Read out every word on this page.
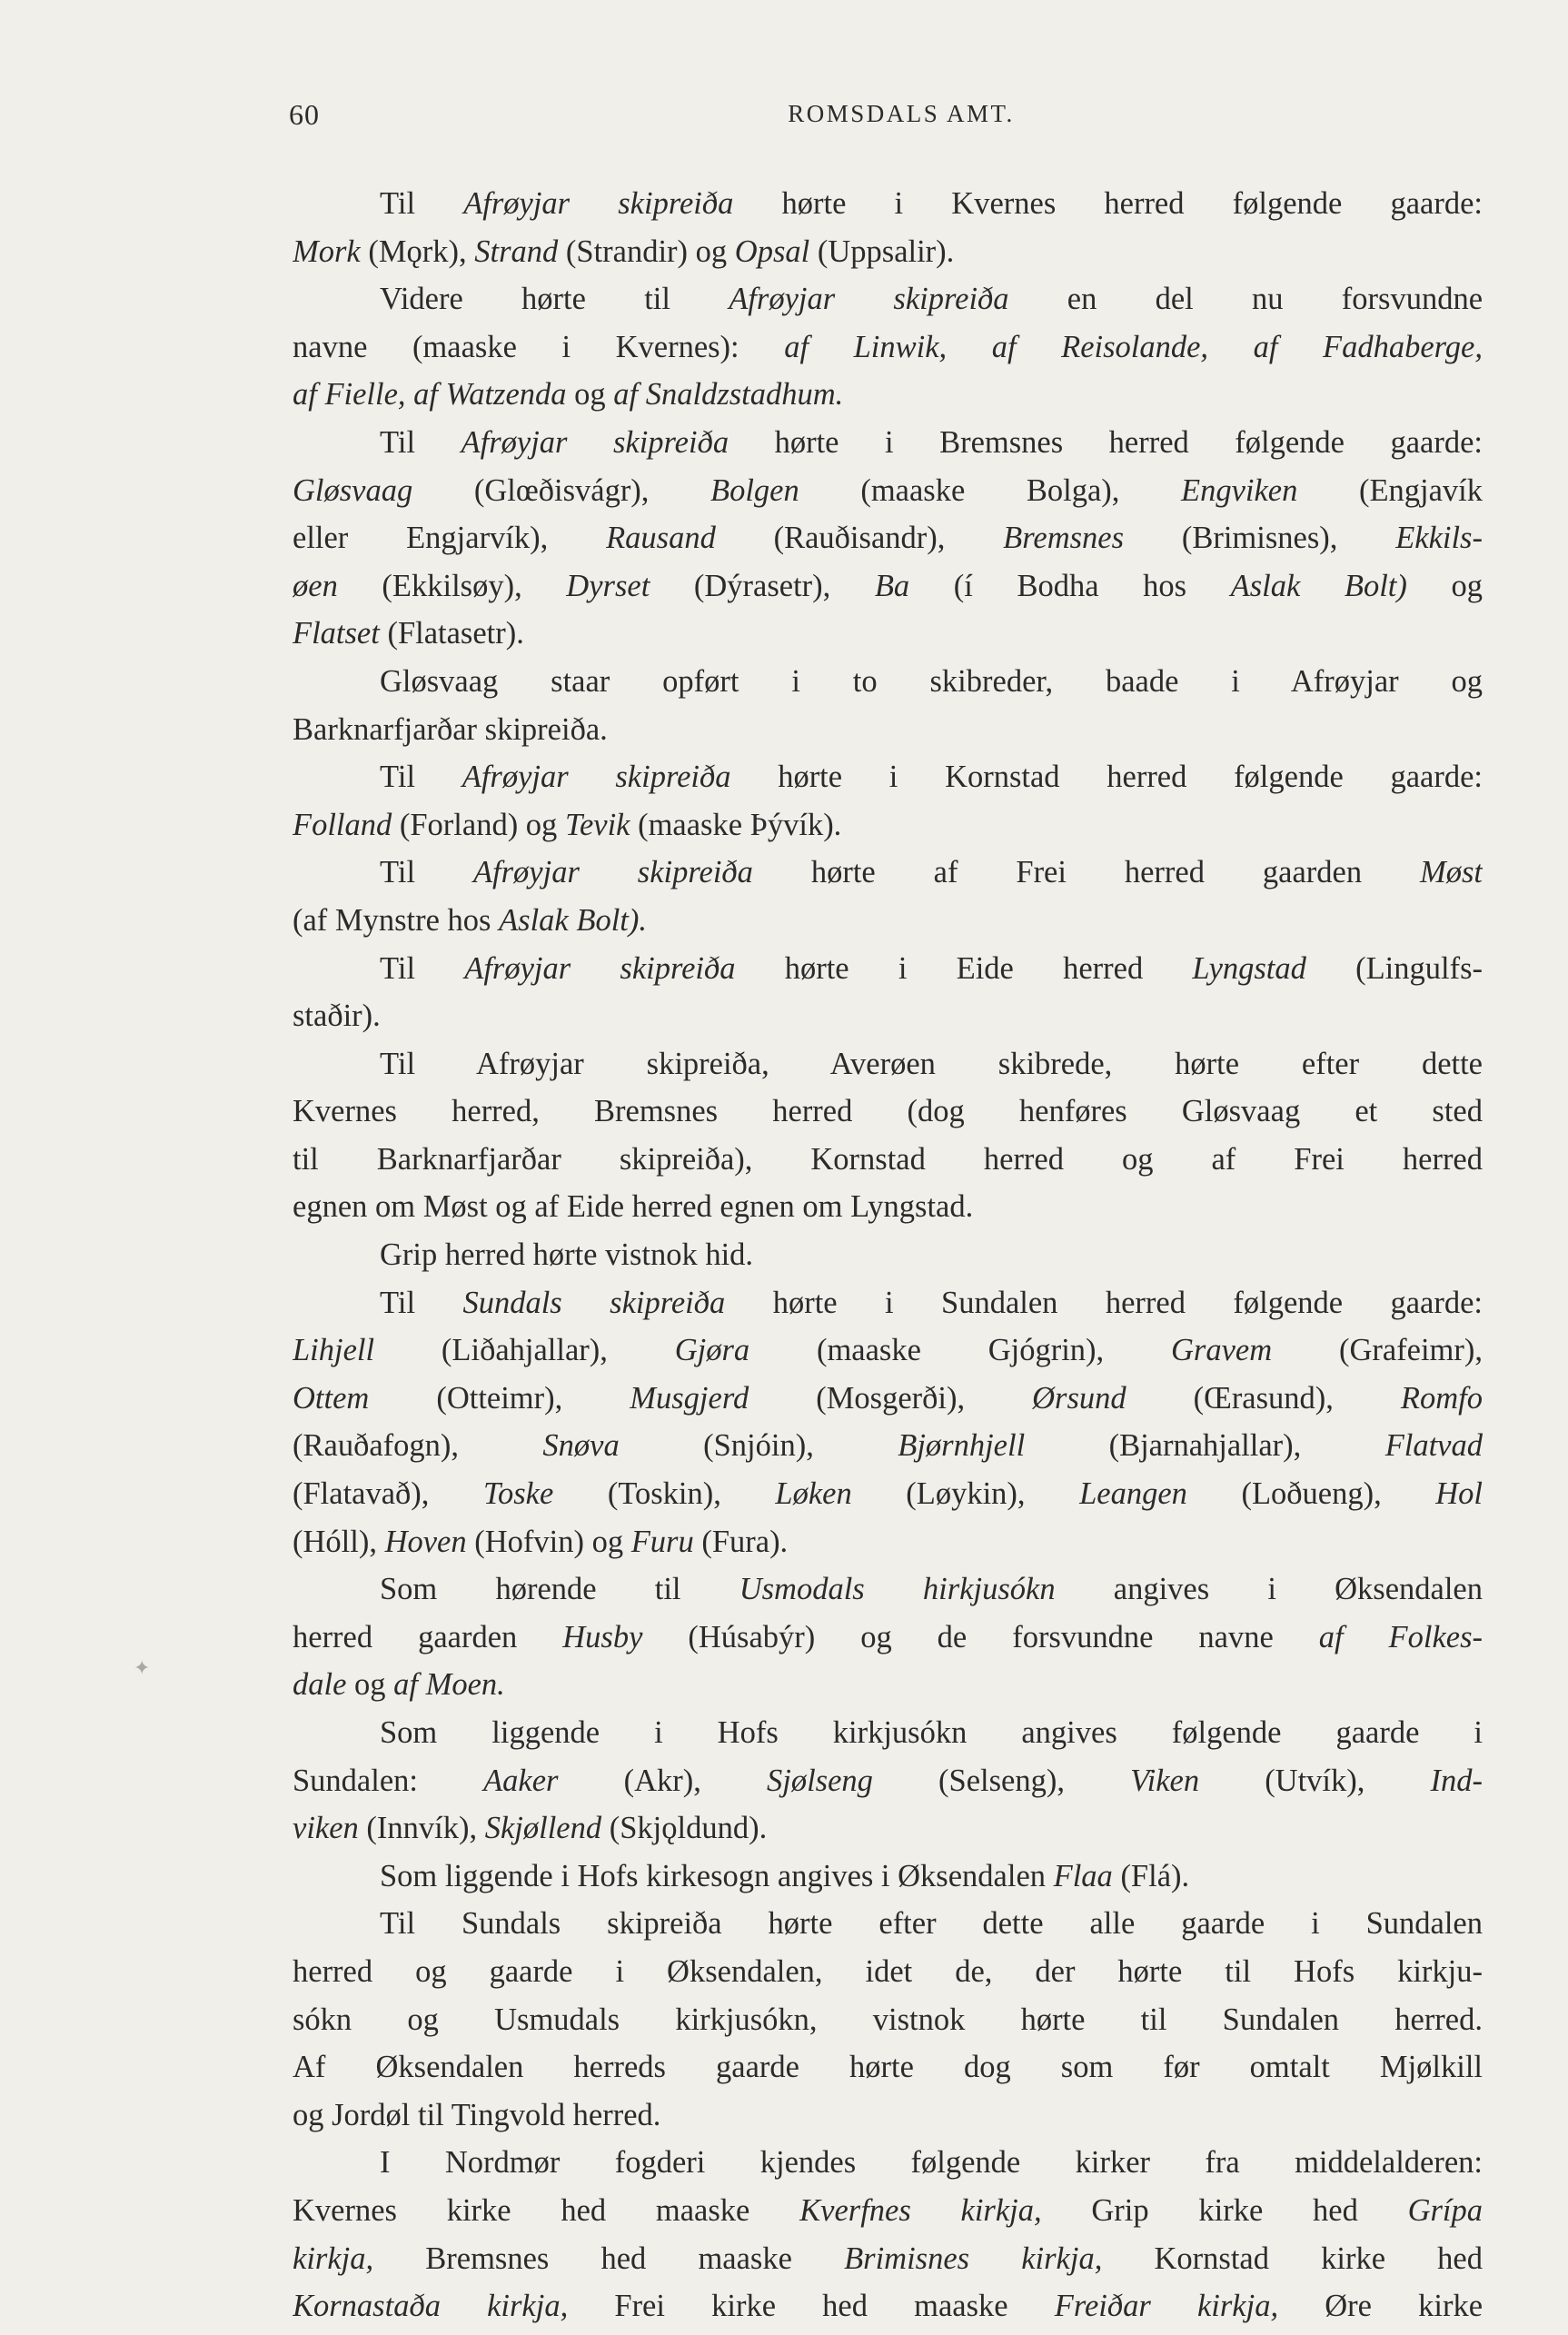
60	ROMSDALS AMT.
✦
Til Afrøyjar skipreiða hørte i Kvernes herred følgende gaarde:
Mork (Mǫrk), Strand (Strandir) og Opsal (Uppsalir).
Videre hørte til Afrøyjar skipreiða en del nu forsvundne
navne (maaske i Kvernes): af Linwik, af Reisolande, af Fadhaberge,
af Fielle, af Watzenda og af Snaldzstadhum.
Til Afrøyjar skipreiða hørte i Bremsnes herred følgende gaarde:
Gløsvaag (Glœðisvágr), Bolgen (maaske Bolga), Engviken (Engjavík
eller Engjarvík), Rausand (Rauðisandr), Bremsnes (Brimisnes), Ekkils-
øen (Ekkilsøy), Dyrset (Dýrasetr), Ba (í Bodha hos Aslak Bolt) og
Flatset (Flatasetr).
Gløsvaag staar opført i to skibreder, baade i Afrøyjar og
Barknarfjarðar skipreiða.
Til Afrøyjar skipreiða hørte i Kornstad herred følgende gaarde:
Folland (Forland) og Tevik (maaske Þývík).
Til Afrøyjar skipreiða hørte af Frei herred gaarden Møst
(af Mynstre hos Aslak Bolt).
Til Afrøyjar skipreiða hørte i Eide herred Lyngstad (Lingulfs-
staðir).
Til Afrøyjar skipreiða, Averøen skibrede, hørte efter dette
Kvernes herred, Bremsnes herred (dog henføres Gløsvaag et sted
til Barknarfjarðar skipreiða), Kornstad herred og af Frei herred
egnen om Møst og af Eide herred egnen om Lyngstad.
Grip herred hørte vistnok hid.
Til Sundals skipreiða hørte i Sundalen herred følgende gaarde:
Lihjell (Liðahjallar), Gjøra (maaske Gjógrin), Gravem (Grafeimr),
Ottem (Otteimr), Musgjerd (Mosgerði), Ørsund (Œrasund), Romfo
(Rauðafogn), Snøva (Snjóin), Bjørnhjell (Bjarnahjallar), Flatvad
(Flatavað), Toske (Toskin), Løken (Løykin), Leangen (Loðueng), Hol
(Hóll), Hoven (Hofvin) og Furu (Fura).
Som hørende til Usmodals hirkjusókn angives i Øksendalen
herred gaarden Husby (Húsabýr) og de forsvundne navne af Folkes-
dale og af Moen.
Som liggende i Hofs kirkjusókn angives følgende gaarde i
Sundalen: Aaker (Akr), Sjølseng (Selseng), Viken (Utvík), Ind-
viken (Innvík), Skjøllend (Skjǫldund).
Som liggende i Hofs kirkesogn angives i Øksendalen Flaa (Flá).
Til Sundals skipreiða hørte efter dette alle gaarde i Sundalen
herred og gaarde i Øksendalen, idet de, der hørte til Hofs kirkju-
sókn og Usmudals kirkjusókn, vistnok hørte til Sundalen herred.
Af Øksendalen herreds gaarde hørte dog som før omtalt Mjølkill
og Jordøl til Tingvold herred.
I Nordmør fogderi kjendes følgende kirker fra middelalderen:
Kvernes kirke hed maaske Kverfnes kirkja, Grip kirke hed Grípa
kirkja, Bremsnes hed maaske Brimisnes kirkja, Kornstad kirke hed
Kornastaða kirkja, Frei kirke hed maaske Freiðar kirkja, Øre kirke
